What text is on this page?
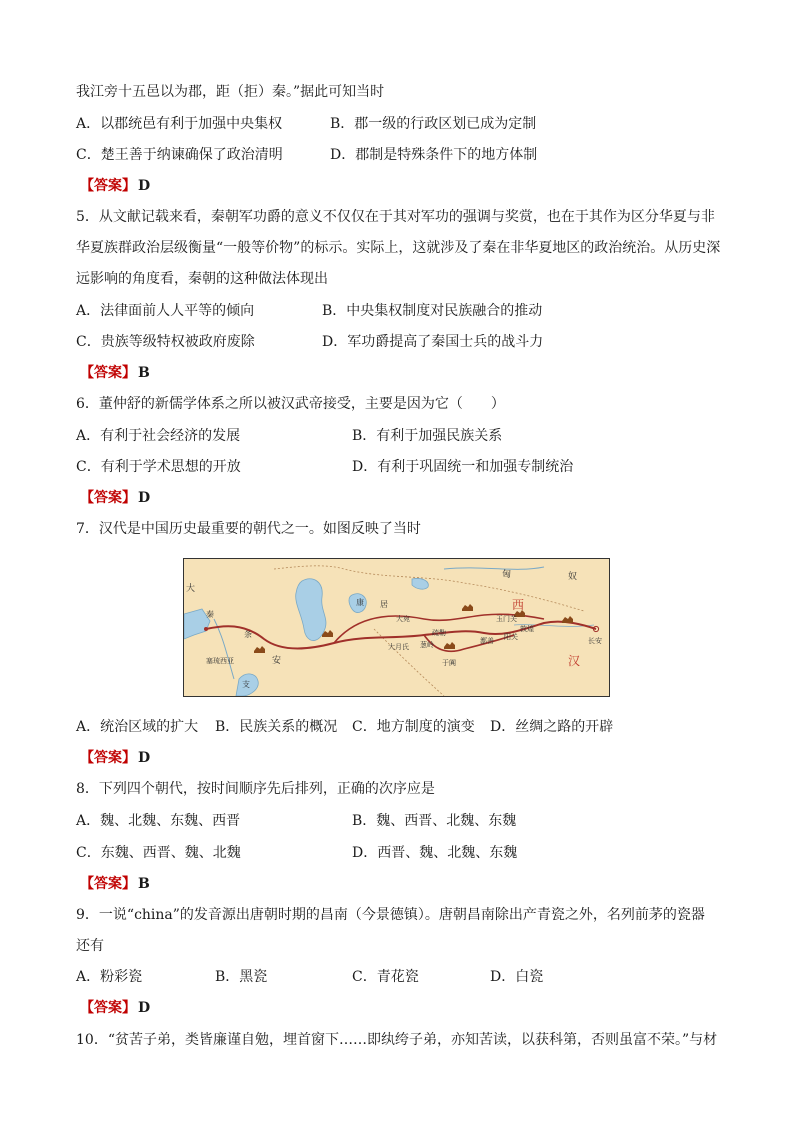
我江旁十五邑以为郡，距（拒）秦。”据此可知当时
A．以郡统邑有利于加强中央集权	B．郡一级的行政区划已成为定制
C．楚王善于纳谏确保了政治清明	D．郡制是特殊条件下的地方体制
【答案】 D
5．从文献记载来看，秦朝军功爵的意义不仅仅在于其对军功的强调与奖赏，也在于其作为区分华夏与非
华夏族群政治层级衡量“一般等价物”的标示。实际上，这就涉及了秦在非华夏地区的政治统治。从历史深
远影响的角度看，秦朝的这种做法体现出
A．法律面前人人平等的倾向	B．中央集权制度对民族融合的推动
C．贵族等级特权被政府废除	D．军功爵提高了秦国士兵的战斗力
【答案】 B
6．董仲舒的新儒学体系之所以被汉武帝接受，主要是因为它（　　）
A．有利于社会经济的发展	B．有利于加强民族关系
C．有利于学术思想的开放	D．有利于巩固统一和加强专制统治
【答案】 D
7．汉代是中国历史最重要的朝代之一。如图反映了当时
大
匈	奴
康 居
大宛
疏勒
玉门关
西
敦煌
阳关
鄯善
汉
长安
秦
条
大月氏 葱岭
安	于阗
塞琉西亚
支
A．统治区域的扩大 B．民族关系的概况 C．地方制度的演变 D．丝绸之路的开辟
【答案】 D
8．下列四个朝代，按时间顺序先后排列，正确的次序应是
A．魏、北魏、东魏、西晋	B．魏、西晋、北魏、东魏
C．东魏、西晋、魏、北魏	D．西晋、魏、北魏、东魏
【答案】 B
9．一说“china”的发音源出唐朝时期的昌南（今景德镇）。唐朝昌南除出产青瓷之外，名列前茅的瓷器
还有
A．粉彩瓷	B．黑瓷	C．青花瓷	D．白瓷
【答案】 D
10．“贫苦子弟，类皆廉谨自勉，埋首窗下……即纨绔子弟，亦知苦读，以获科第，否则虽富不荣。”与材
